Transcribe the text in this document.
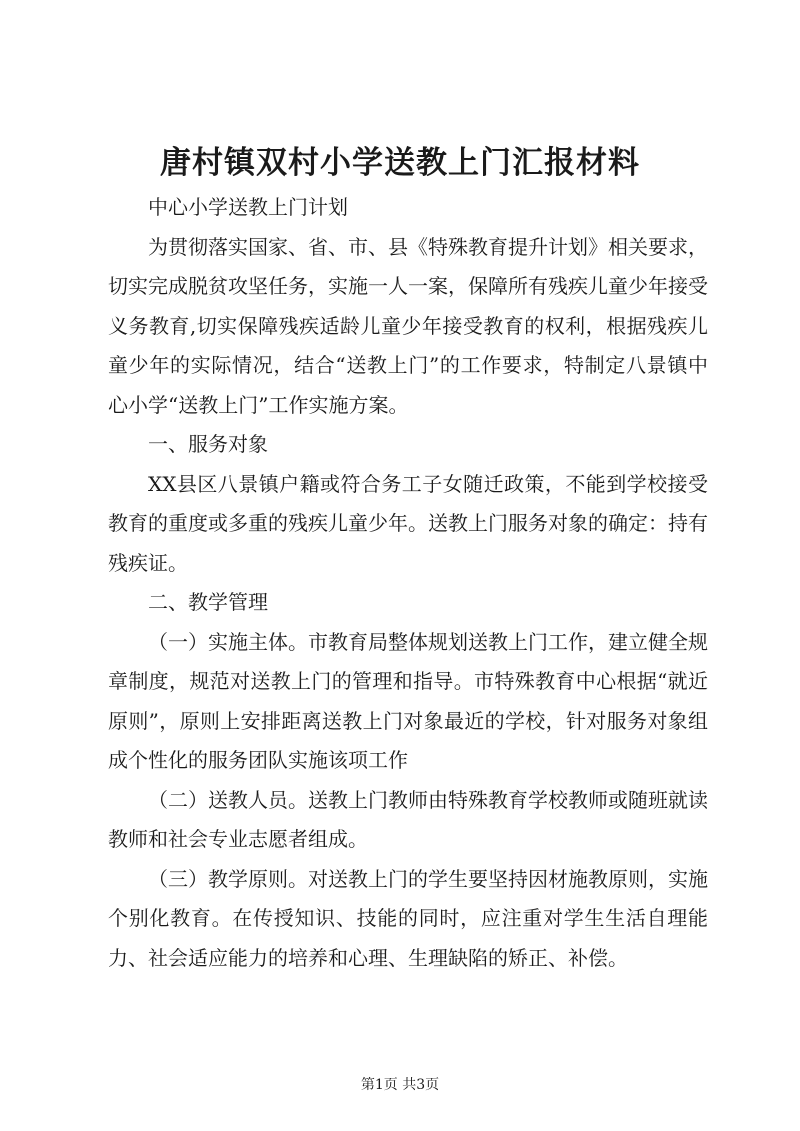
唐村镇双村小学送教上门汇报材料

中心小学送教上门计划

为贯彻落实国家、省、市、县《特殊教育提升计划》相关要求，切实完成脱贫攻坚任务，实施一人一案，保障所有残疾儿童少年接受义务教育,切实保障残疾适龄儿童少年接受教育的权利，根据残疾儿童少年的实际情况，结合“送教上门”的工作要求，特制定八景镇中心小学“送教上门”工作实施方案。

一、服务对象

XX县区八景镇户籍或符合务工子女随迁政策，不能到学校接受教育的重度或多重的残疾儿童少年。送教上门服务对象的确定：持有残疾证。

二、教学管理

（一）实施主体。市教育局整体规划送教上门工作，建立健全规章制度，规范对送教上门的管理和指导。市特殊教育中心根据“就近原则”，原则上安排距离送教上门对象最近的学校，针对服务对象组成个性化的服务团队实施该项工作

（二）送教人员。送教上门教师由特殊教育学校教师或随班就读教师和社会专业志愿者组成。

（三）教学原则。对送教上门的学生要坚持因材施教原则，实施个别化教育。在传授知识、技能的同时，应注重对学生生活自理能力、社会适应能力的培养和心理、生理缺陷的矫正、补偿。

第1页 共3页
